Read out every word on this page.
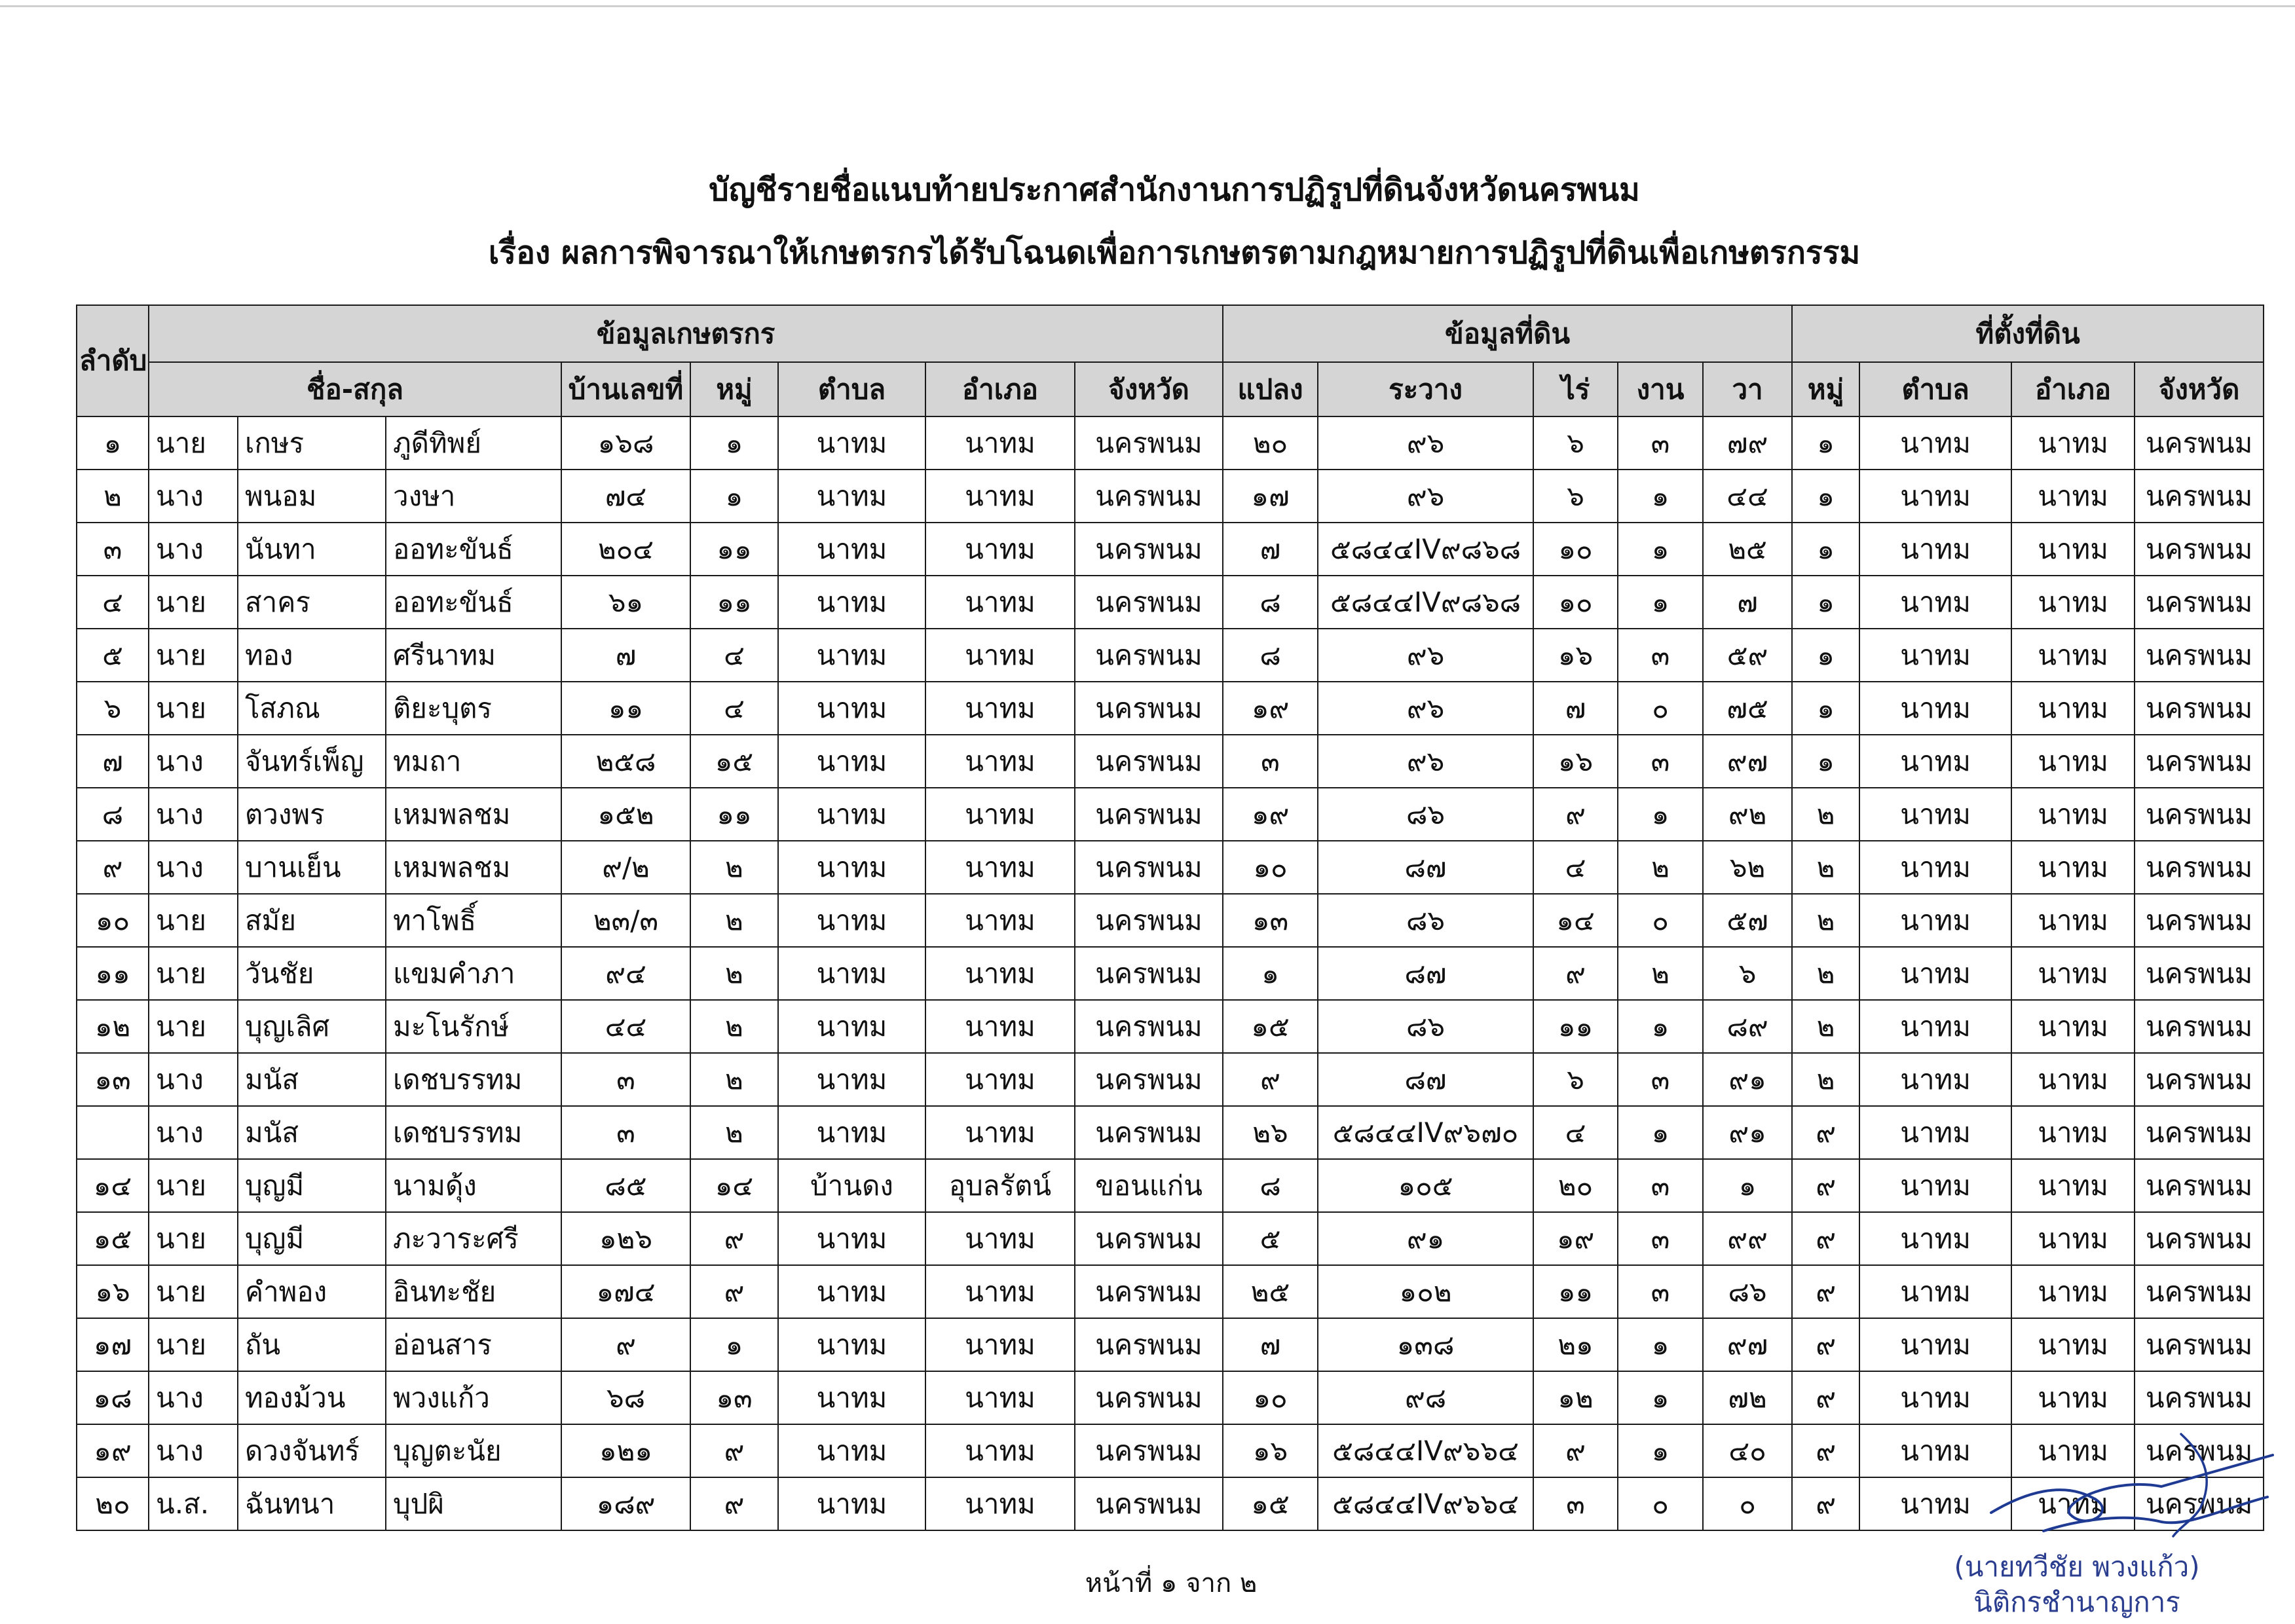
บัญชีรายชื่อแนบท้ายประกาศสำนักงานการปฏิรูปที่ดินจังหวัดนครพนม
เรื่อง ผลการพิจารณาให้เกษตรกรได้รับโฉนดเพื่อการเกษตรตามกฎหมายการปฏิรูปที่ดินเพื่อเกษตรกรรม
ลำดับ	ข้อมูลเกษตรกร								ข้อมูลที่ดิน					ที่ตั้งที่ดิน			
	ชื่อ-สกุล			บ้านเลขที่	หมู่	ตำบล	อำเภอ	จังหวัด	แปลง	ระวาง	ไร่	งาน	วา	หมู่	ตำบล	อำเภอ	จังหวัด
๑	นาย	เกษร	ภูดีทิพย์	๑๖๘	๑	นาทม	นาทม	นครพนม	๒๐	๙๖	๖	๓	๗๙	๑	นาทม	นาทม	นครพนม
๒	นาง	พนอม	วงษา	๗๔	๑	นาทม	นาทม	นครพนม	๑๗	๙๖	๖	๑	๔๔	๑	นาทม	นาทม	นครพนม
๓	นาง	นันทา	ออทะขันธ์	๒๐๔	๑๑	นาทม	นาทม	นครพนม	๗	๕๘๔๔IV๙๘๖๘	๑๐	๑	๒๕	๑	นาทม	นาทม	นครพนม
๔	นาย	สาคร	ออทะขันธ์	๖๑	๑๑	นาทม	นาทม	นครพนม	๘	๕๘๔๔IV๙๘๖๘	๑๐	๑	๗	๑	นาทม	นาทม	นครพนม
๕	นาย	ทอง	ศรีนาทม	๗	๔	นาทม	นาทม	นครพนม	๘	๙๖	๑๖	๓	๕๙	๑	นาทม	นาทม	นครพนม
๖	นาย	โสภณ	ติยะบุตร	๑๑	๔	นาทม	นาทม	นครพนม	๑๙	๙๖	๗	๐	๗๕	๑	นาทม	นาทม	นครพนม
๗	นาง	จันทร์เพ็ญ	ทมถา	๒๕๘	๑๕	นาทม	นาทม	นครพนม	๓	๙๖	๑๖	๓	๙๗	๑	นาทม	นาทม	นครพนม
๘	นาง	ตวงพร	เหมพลชม	๑๕๒	๑๑	นาทม	นาทม	นครพนม	๑๙	๘๖	๙	๑	๙๒	๒	นาทม	นาทม	นครพนม
๙	นาง	บานเย็น	เหมพลชม	๙/๒	๒	นาทม	นาทม	นครพนม	๑๐	๘๗	๔	๒	๖๒	๒	นาทม	นาทม	นครพนม
๑๐	นาย	สมัย	ทาโพธิ์	๒๓/๓	๒	นาทม	นาทม	นครพนม	๑๓	๘๖	๑๔	๐	๕๗	๒	นาทม	นาทม	นครพนม
๑๑	นาย	วันชัย	แขมคำภา	๙๔	๒	นาทม	นาทม	นครพนม	๑	๘๗	๙	๒	๖	๒	นาทม	นาทม	นครพนม
๑๒	นาย	บุญเลิศ	มะโนรักษ์	๔๔	๒	นาทม	นาทม	นครพนม	๑๕	๘๖	๑๑	๑	๘๙	๒	นาทม	นาทม	นครพนม
๑๓	นาง	มนัส	เดชบรรทม	๓	๒	นาทม	นาทม	นครพนม	๙	๘๗	๖	๓	๙๑	๒	นาทม	นาทม	นครพนม
	นาง	มนัส	เดชบรรทม	๓	๒	นาทม	นาทม	นครพนม	๒๖	๕๘๔๔IV๙๖๗๐	๔	๑	๙๑	๙	นาทม	นาทม	นครพนม
๑๔	นาย	บุญมี	นามดุ้ง	๘๕	๑๔	บ้านดง	อุบลรัตน์	ขอนแก่น	๘	๑๐๕	๒๐	๓	๑	๙	นาทม	นาทม	นครพนม
๑๕	นาย	บุญมี	ภะวาระศรี	๑๒๖	๙	นาทม	นาทม	นครพนม	๕	๙๑	๑๙	๓	๙๙	๙	นาทม	นาทม	นครพนม
๑๖	นาย	คำพอง	อินทะชัย	๑๗๔	๙	นาทม	นาทม	นครพนม	๒๕	๑๐๒	๑๑	๓	๘๖	๙	นาทม	นาทม	นครพนม
๑๗	นาย	ถัน	อ่อนสาร	๙	๑	นาทม	นาทม	นครพนม	๗	๑๓๘	๒๑	๑	๙๗	๙	นาทม	นาทม	นครพนม
๑๘	นาง	ทองม้วน	พวงแก้ว	๖๘	๑๓	นาทม	นาทม	นครพนม	๑๐	๙๘	๑๒	๑	๗๒	๙	นาทม	นาทม	นครพนม
๑๙	นาง	ดวงจันทร์	บุญตะนัย	๑๒๑	๙	นาทม	นาทม	นครพนม	๑๖	๕๘๔๔IV๙๖๖๔	๙	๑	๔๐	๙	นาทม	นาทม	นครพนม
๒๐	น.ส.	ฉันทนา	บุปผิ	๑๘๙	๙	นาทม	นาทม	นครพนม	๑๕	๕๘๔๔IV๙๖๖๔	๓	๐	๐	๙	นาทม	นาทม	นครพนม
หน้าที่ ๑ จาก ๒
(นายทวีชัย พวงแก้ว)
นิติกรชำนาญการ
